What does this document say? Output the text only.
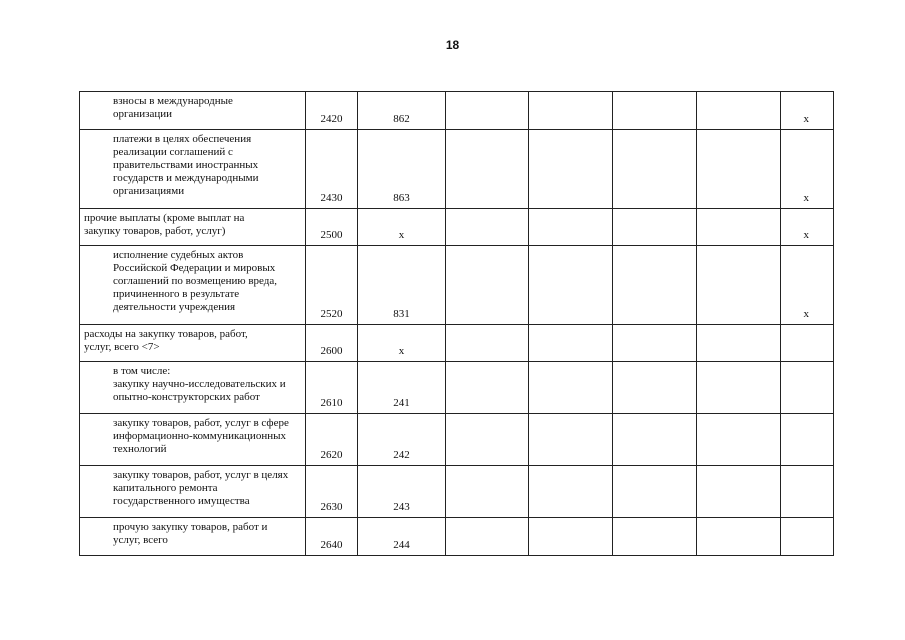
18
взносы в международные
организации	2420	862					x

платежи в целях обеспечения
реализации соглашений с
правительствами иностранных
государств и международными
организациями	2430	863					x

прочие выплаты (кроме выплат на
закупку товаров, работ, услуг)	2500	x					x

исполнение судебных актов
Российской Федерации и мировых
соглашений по возмещению вреда,
причиненного в результате
деятельности учреждения	2520	831					x

расходы на закупку товаров, работ,
услуг, всего <7>	2600	x					

в том числе:
закупку научно-исследовательских и
опытно-конструкторских работ	2610	241					

закупку товаров, работ, услуг в сфере
информационно-коммуникационных
технологий	2620	242					

закупку товаров, работ, услуг в целях
капитального ремонта
государственного имущества	2630	243					

прочую закупку товаров, работ и
услуг, всего	2640	244					
